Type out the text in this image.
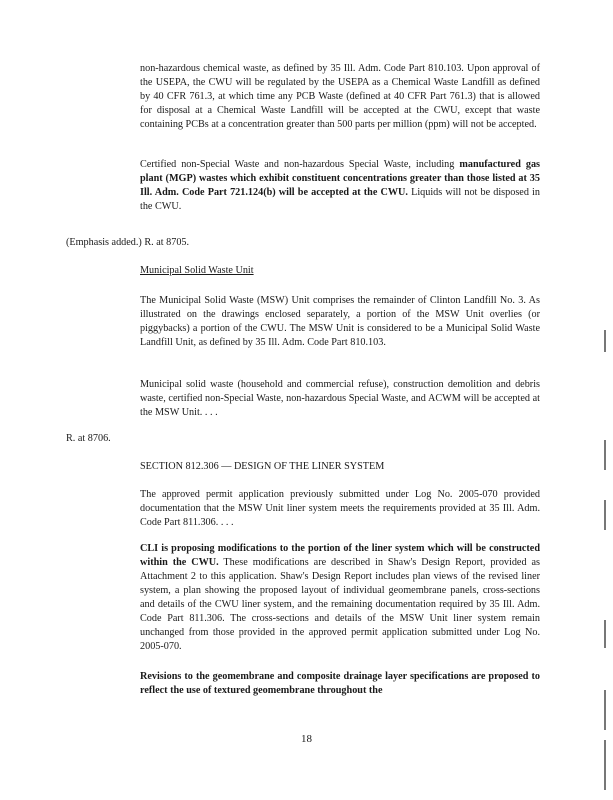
non-hazardous chemical waste, as defined by 35 Ill. Adm. Code Part 810.103. Upon approval of the USEPA, the CWU will be regulated by the USEPA as a Chemical Waste Landfill as defined by 40 CFR 761.3, at which time any PCB Waste (defined at 40 CFR Part 761.3) that is allowed for disposal at a Chemical Waste Landfill will be accepted at the CWU, except that waste containing PCBs at a concentration greater than 500 parts per million (ppm) will not be accepted.

Certified non-Special Waste and non-hazardous Special Waste, including manufactured gas plant (MGP) wastes which exhibit constituent concentrations greater than those listed at 35 Ill. Adm. Code Part 721.124(b) will be accepted at the CWU. Liquids will not be disposed in the CWU.

(Emphasis added.) R. at 8705.

Municipal Solid Waste Unit

The Municipal Solid Waste (MSW) Unit comprises the remainder of Clinton Landfill No. 3. As illustrated on the drawings enclosed separately, a portion of the MSW Unit overlies (or piggybacks) a portion of the CWU. The MSW Unit is considered to be a Municipal Solid Waste Landfill Unit, as defined by 35 Ill. Adm. Code Part 810.103.

Municipal solid waste (household and commercial refuse), construction demolition and debris waste, certified non-Special Waste, non-hazardous Special Waste, and ACWM will be accepted at the MSW Unit. . . .

R. at 8706.

SECTION 812.306 — DESIGN OF THE LINER SYSTEM

The approved permit application previously submitted under Log No. 2005-070 provided documentation that the MSW Unit liner system meets the requirements provided at 35 Ill. Adm. Code Part 811.306. . . .

CLI is proposing modifications to the portion of the liner system which will be constructed within the CWU. These modifications are described in Shaw's Design Report, provided as Attachment 2 to this application. Shaw's Design Report includes plan views of the revised liner system, a plan showing the proposed layout of individual geomembrane panels, cross-sections and details of the CWU liner system, and the remaining documentation required by 35 Ill. Adm. Code Part 811.306. The cross-sections and details of the MSW Unit liner system remain unchanged from those provided in the approved permit application submitted under Log No. 2005-070.

Revisions to the geomembrane and composite drainage layer specifications are proposed to reflect the use of textured geomembrane throughout the

18
